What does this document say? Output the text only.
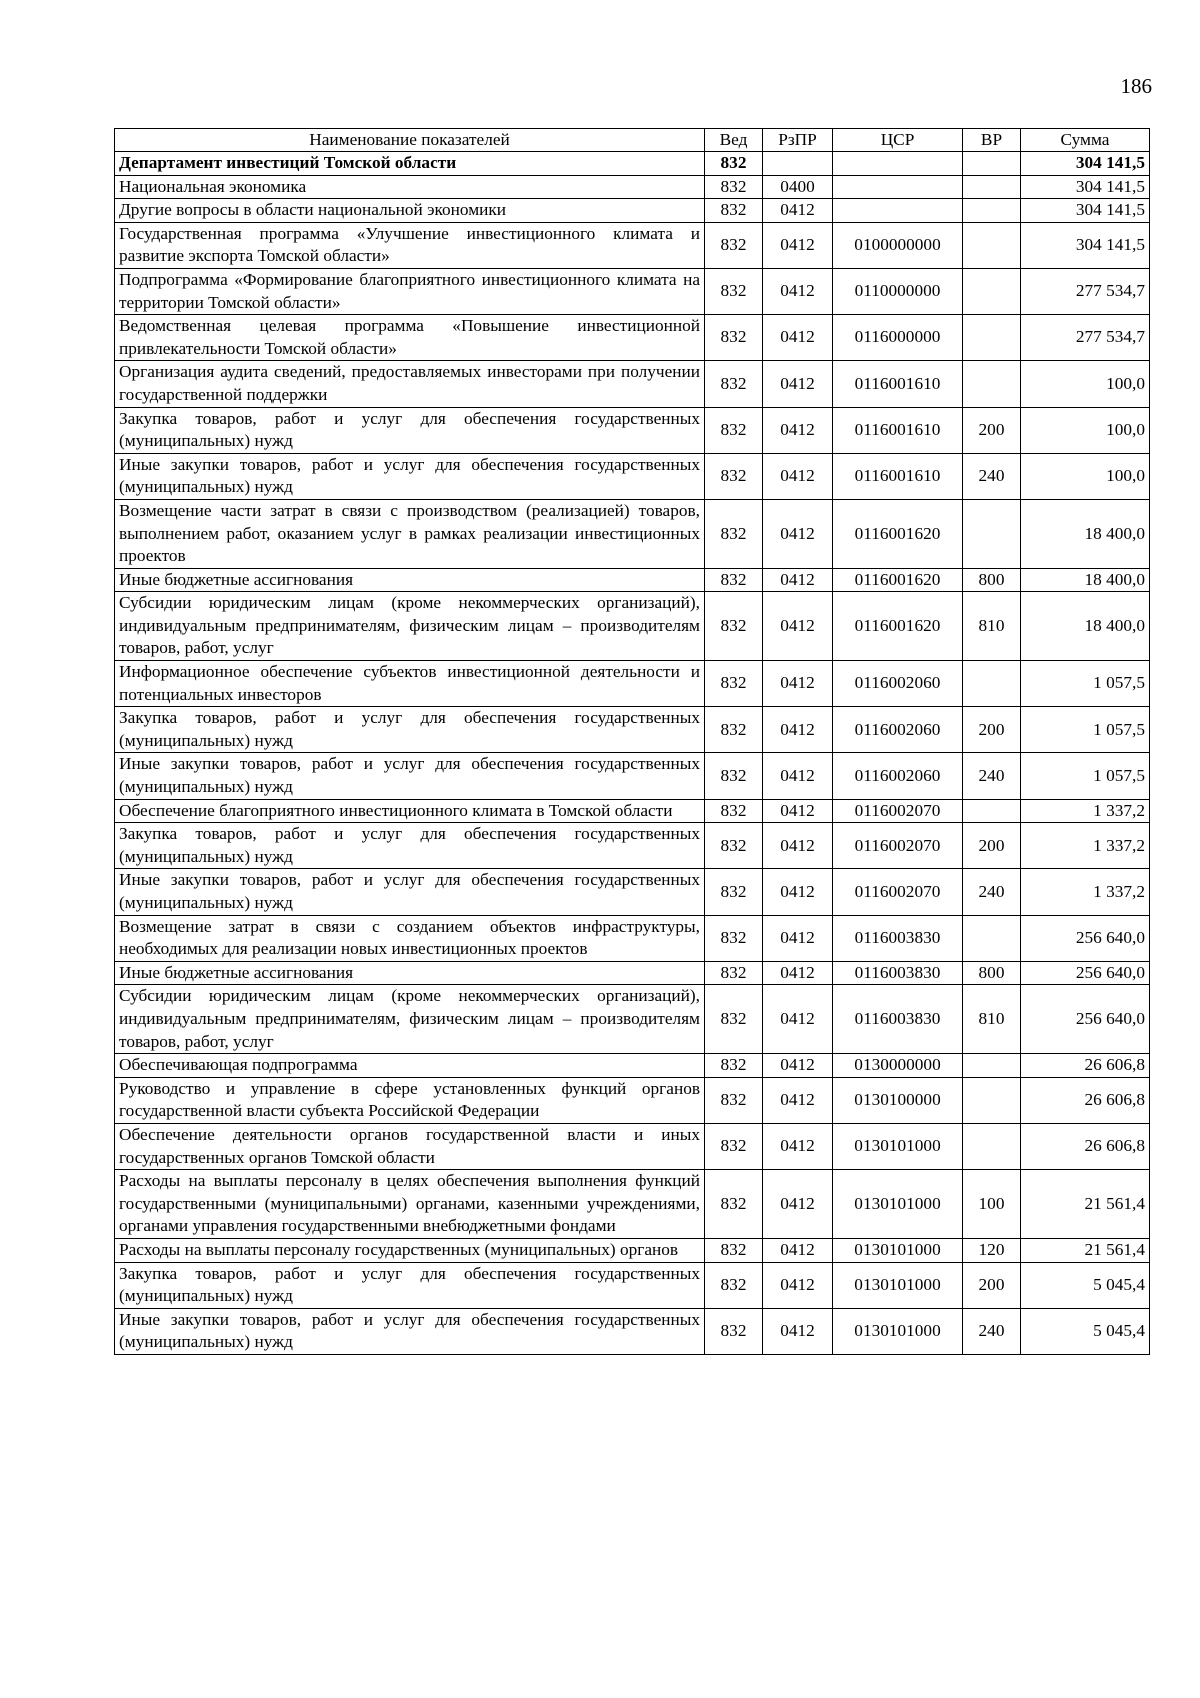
186
Наименование показателей	Вед	РзПР	ЦСР	ВР	Сумма
Департамент инвестиций Томской области	832				304 141,5
Национальная экономика	832	0400			304 141,5
Другие вопросы в области национальной экономики	832	0412			304 141,5
Государственная программа «Улучшение инвестиционного климата и развитие экспорта Томской области»	832	0412	0100000000		304 141,5
Подпрограмма «Формирование благоприятного инвестиционного климата на территории Томской области»	832	0412	0110000000		277 534,7
Ведомственная целевая программа «Повышение инвестиционной привлекательности Томской области»	832	0412	0116000000		277 534,7
Организация аудита сведений, предоставляемых инвесторами при получении государственной поддержки	832	0412	0116001610		100,0
Закупка товаров, работ и услуг для обеспечения государственных (муниципальных) нужд	832	0412	0116001610	200	100,0
Иные закупки товаров, работ и услуг для обеспечения государственных (муниципальных) нужд	832	0412	0116001610	240	100,0
Возмещение части затрат в связи с производством (реализацией) товаров, выполнением работ, оказанием услуг в рамках реализации инвестиционных проектов	832	0412	0116001620		18 400,0
Иные бюджетные ассигнования	832	0412	0116001620	800	18 400,0
Субсидии юридическим лицам (кроме некоммерческих организаций), индивидуальным предпринимателям, физическим лицам – производителям товаров, работ, услуг	832	0412	0116001620	810	18 400,0
Информационное обеспечение субъектов инвестиционной деятельности и потенциальных инвесторов	832	0412	0116002060		1 057,5
Закупка товаров, работ и услуг для обеспечения государственных (муниципальных) нужд	832	0412	0116002060	200	1 057,5
Иные закупки товаров, работ и услуг для обеспечения государственных (муниципальных) нужд	832	0412	0116002060	240	1 057,5
Обеспечение благоприятного инвестиционного климата в Томской области	832	0412	0116002070		1 337,2
Закупка товаров, работ и услуг для обеспечения государственных (муниципальных) нужд	832	0412	0116002070	200	1 337,2
Иные закупки товаров, работ и услуг для обеспечения государственных (муниципальных) нужд	832	0412	0116002070	240	1 337,2
Возмещение затрат в связи с созданием объектов инфраструктуры, необходимых для реализации новых инвестиционных проектов	832	0412	0116003830		256 640,0
Иные бюджетные ассигнования	832	0412	0116003830	800	256 640,0
Субсидии юридическим лицам (кроме некоммерческих организаций), индивидуальным предпринимателям, физическим лицам – производителям товаров, работ, услуг	832	0412	0116003830	810	256 640,0
Обеспечивающая подпрограмма	832	0412	0130000000		26 606,8
Руководство и управление в сфере установленных функций органов государственной власти субъекта Российской Федерации	832	0412	0130100000		26 606,8
Обеспечение деятельности органов государственной власти и иных государственных органов Томской области	832	0412	0130101000		26 606,8
Расходы на выплаты персоналу в целях обеспечения выполнения функций государственными (муниципальными) органами, казенными учреждениями, органами управления государственными внебюджетными фондами	832	0412	0130101000	100	21 561,4
Расходы на выплаты персоналу государственных (муниципальных) органов	832	0412	0130101000	120	21 561,4
Закупка товаров, работ и услуг для обеспечения государственных (муниципальных) нужд	832	0412	0130101000	200	5 045,4
Иные закупки товаров, работ и услуг для обеспечения государственных (муниципальных) нужд	832	0412	0130101000	240	5 045,4
